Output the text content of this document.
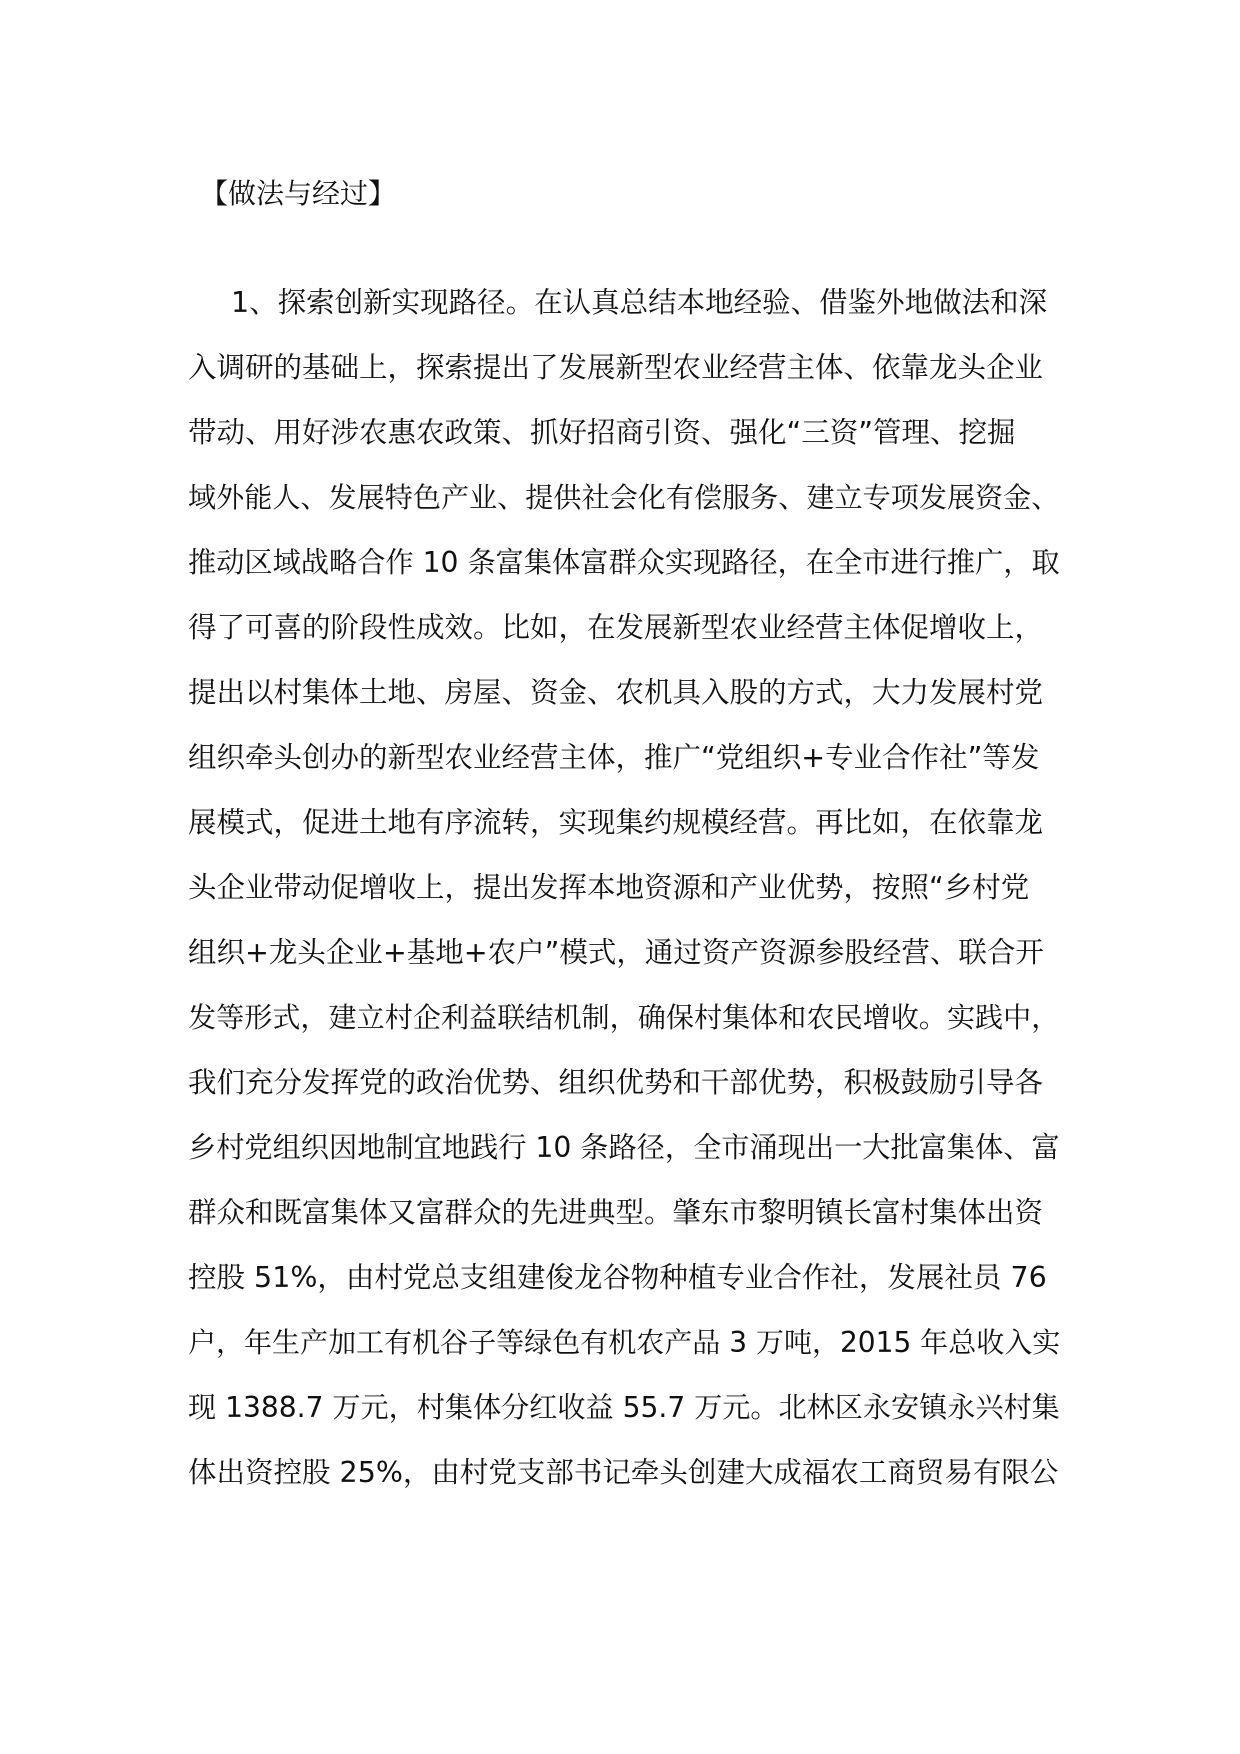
【做法与经过】

1、探索创新实现路径。在认真总结本地经验、借鉴外地做法和深
入调研的基础上，探索提出了发展新型农业经营主体、依靠龙头企业
带动、用好涉农惠农政策、抓好招商引资、强化“三资”管理、挖掘
域外能人、发展特色产业、提供社会化有偿服务、建立专项发展资金、
推动区域战略合作 10 条富集体富群众实现路径，在全市进行推广，取
得了可喜的阶段性成效。比如，在发展新型农业经营主体促增收上，
提出以村集体土地、房屋、资金、农机具入股的方式，大力发展村党
组织牵头创办的新型农业经营主体，推广“党组织+专业合作社”等发
展模式，促进土地有序流转，实现集约规模经营。再比如，在依靠龙
头企业带动促增收上，提出发挥本地资源和产业优势，按照“乡村党
组织+龙头企业+基地+农户”模式，通过资产资源参股经营、联合开
发等形式，建立村企利益联结机制，确保村集体和农民增收。实践中，
我们充分发挥党的政治优势、组织优势和干部优势，积极鼓励引导各
乡村党组织因地制宜地践行 10 条路径，全市涌现出一大批富集体、富
群众和既富集体又富群众的先进典型。肇东市黎明镇长富村集体出资
控股 51%，由村党总支组建俊龙谷物种植专业合作社，发展社员 76
户，年生产加工有机谷子等绿色有机农产品 3 万吨，2015 年总收入实
现 1388.7 万元，村集体分红收益 55.7 万元。北林区永安镇永兴村集
体出资控股 25%，由村党支部书记牵头创建大成福农工商贸易有限公
